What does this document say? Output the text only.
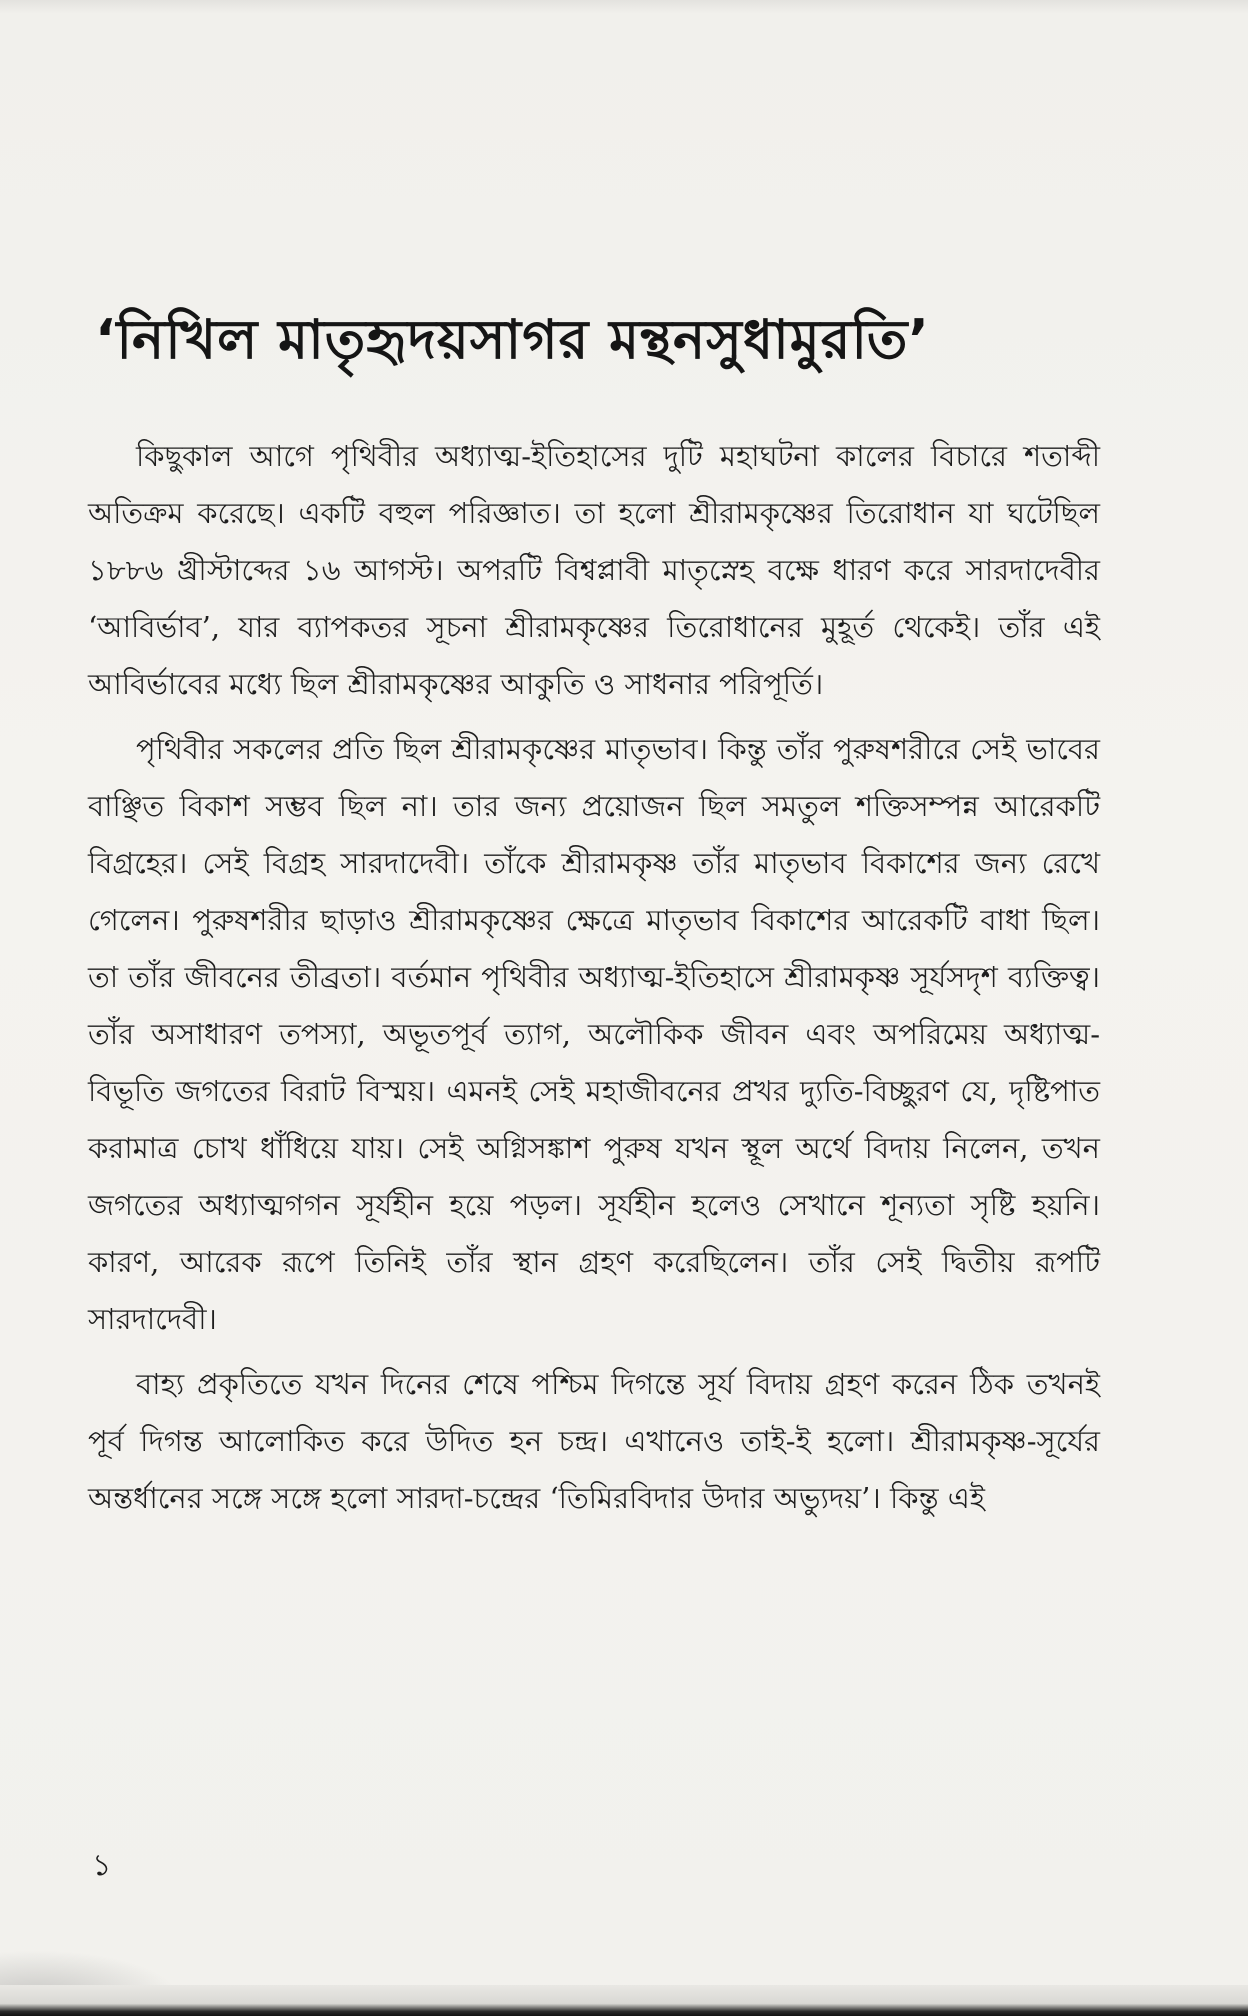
‘নিখিল মাতৃহৃদয়সাগর মন্থনসুধামুরতি’

কিছুকাল আগে পৃথিবীর অধ্যাত্ম-ইতিহাসের দুটি মহাঘটনা কালের বিচারে শতাব্দী অতিক্রম করেছে। একটি বহুল পরিজ্ঞাত। তা হলো শ্রীরামকৃষ্ণের তিরোধান যা ঘটেছিল ১৮৮৬ খ্রীস্টাব্দের ১৬ আগস্ট। অপরটি বিশ্বপ্লাবী মাতৃস্নেহ বক্ষে ধারণ করে সারদাদেবীর ‘আবির্ভাব’, যার ব্যাপকতর সূচনা শ্রীরামকৃষ্ণের তিরোধানের মুহূর্ত থেকেই। তাঁর এই আবির্ভাবের মধ্যে ছিল শ্রীরামকৃষ্ণের আকুতি ও সাধনার পরিপূর্তি।

পৃথিবীর সকলের প্রতি ছিল শ্রীরামকৃষ্ণের মাতৃভাব। কিন্তু তাঁর পুরুষশরীরে সেই ভাবের বাঞ্ছিত বিকাশ সম্ভব ছিল না। তার জন্য প্রয়োজন ছিল সমতুল শক্তিসম্পন্ন আরেকটি বিগ্রহের। সেই বিগ্রহ সারদাদেবী। তাঁকে শ্রীরামকৃষ্ণ তাঁর মাতৃভাব বিকাশের জন্য রেখে গেলেন। পুরুষশরীর ছাড়াও শ্রীরামকৃষ্ণের ক্ষেত্রে মাতৃভাব বিকাশের আরেকটি বাধা ছিল। তা তাঁর জীবনের তীব্রতা। বর্তমান পৃথিবীর অধ্যাত্ম-ইতিহাসে শ্রীরামকৃষ্ণ সূর্যসদৃশ ব্যক্তিত্ব। তাঁর অসাধারণ তপস্যা, অভূতপূর্ব ত্যাগ, অলৌকিক জীবন এবং অপরিমেয় অধ্যাত্ম-বিভূতি জগতের বিরাট বিস্ময়। এমনই সেই মহাজীবনের প্রখর দ্যুতি-বিচ্ছুরণ যে, দৃষ্টিপাত করামাত্র চোখ ধাঁধিয়ে যায়। সেই অগ্নিসঙ্কাশ পুরুষ যখন স্থূল অর্থে বিদায় নিলেন, তখন জগতের অধ্যাত্মগগন সূর্যহীন হয়ে পড়ল। সূর্যহীন হলেও সেখানে শূন্যতা সৃষ্টি হয়নি। কারণ, আরেক রূপে তিনিই তাঁর স্থান গ্রহণ করেছিলেন। তাঁর সেই দ্বিতীয় রূপটি সারদাদেবী।

বাহ্য প্রকৃতিতে যখন দিনের শেষে পশ্চিম দিগন্তে সূর্য বিদায় গ্রহণ করেন ঠিক তখনই পূর্ব দিগন্ত আলোকিত করে উদিত হন চন্দ্র। এখানেও তাই-ই হলো। শ্রীরামকৃষ্ণ-সূর্যের অন্তর্ধানের সঙ্গে সঙ্গে হলো সারদা-চন্দ্রের ‘তিমিরবিদার উদার অভ্যুদয়’। কিন্তু এই

১
